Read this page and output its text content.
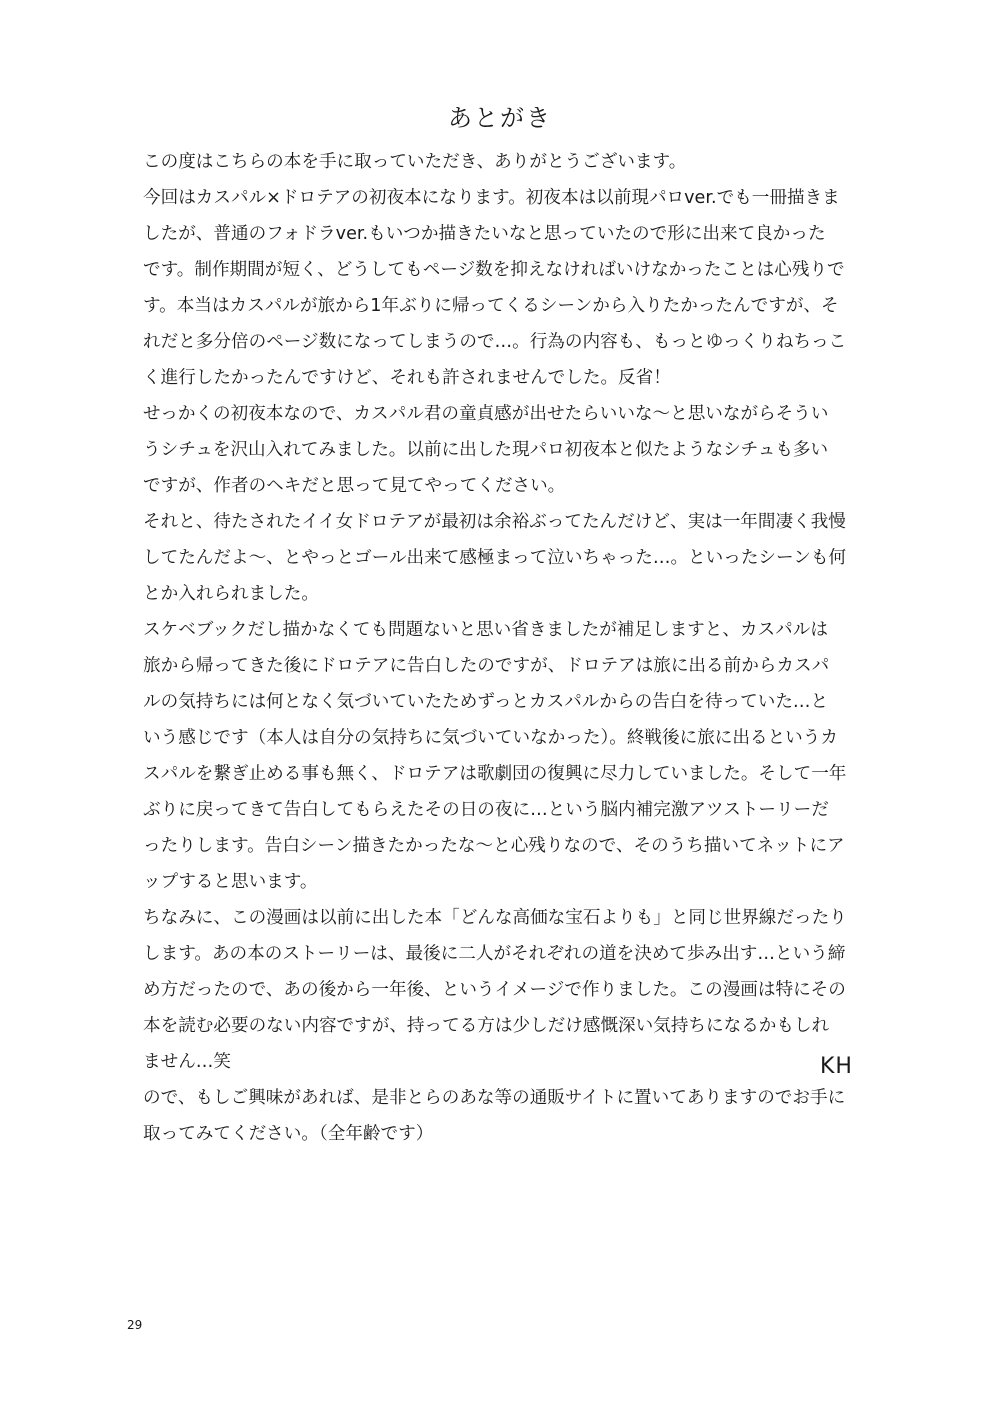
あとがき
この度はこちらの本を手に取っていただき、ありがとうございます。
今回はカスパル×ドロテアの初夜本になります。初夜本は以前現パロver.でも一冊描きま
したが、普通のフォドラver.もいつか描きたいなと思っていたので形に出来て良かった
です。制作期間が短く、どうしてもページ数を抑えなければいけなかったことは心残りで
す。本当はカスパルが旅から1年ぶりに帰ってくるシーンから入りたかったんですが、そ
れだと多分倍のページ数になってしまうので…。行為の内容も、もっとゆっくりねちっこ
く進行したかったんですけど、それも許されませんでした。反省！
せっかくの初夜本なので、カスパル君の童貞感が出せたらいいな〜と思いながらそうい
うシチュを沢山入れてみました。以前に出した現パロ初夜本と似たようなシチュも多い
ですが、作者のヘキだと思って見てやってください。
それと、待たされたイイ女ドロテアが最初は余裕ぶってたんだけど、実は一年間凄く我慢
してたんだよ〜、とやっとゴール出来て感極まって泣いちゃった…。といったシーンも何
とか入れられました。
スケベブックだし描かなくても問題ないと思い省きましたが補足しますと、カスパルは
旅から帰ってきた後にドロテアに告白したのですが、ドロテアは旅に出る前からカスパ
ルの気持ちには何となく気づいていたためずっとカスパルからの告白を待っていた…と
いう感じです（本人は自分の気持ちに気づいていなかった）。終戦後に旅に出るというカ
スパルを繋ぎ止める事も無く、ドロテアは歌劇団の復興に尽力していました。そして一年
ぶりに戻ってきて告白してもらえたその日の夜に…という脳内補完激アツストーリーだ
ったりします。告白シーン描きたかったな〜と心残りなので、そのうち描いてネットにア
ップすると思います。
ちなみに、この漫画は以前に出した本「どんな高価な宝石よりも」と同じ世界線だったり
します。あの本のストーリーは、最後に二人がそれぞれの道を決めて歩み出す…という締
め方だったので、あの後から一年後、というイメージで作りました。この漫画は特にその
本を読む必要のない内容ですが、持ってる方は少しだけ感慨深い気持ちになるかもしれ
ません…笑
ので、もしご興味があれば、是非とらのあな等の通販サイトに置いてありますのでお手に
取ってみてください。（全年齢です）
KH
29
